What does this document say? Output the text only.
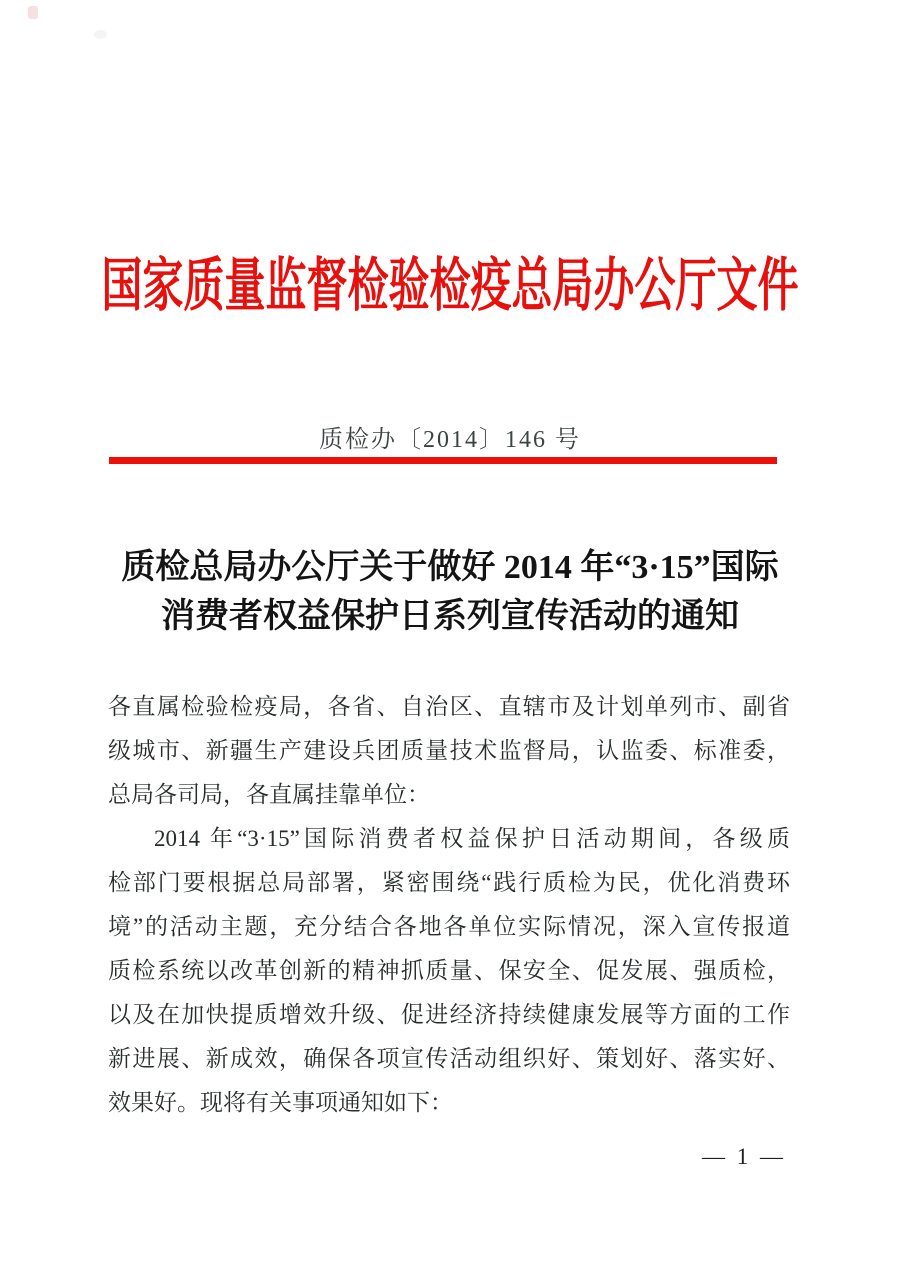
国家质量监督检验检疫总局办公厅文件
质检办〔2014〕146 号
质检总局办公厅关于做好 2014 年“3·15”国际
消费者权益保护日系列宣传活动的通知
各直属检验检疫局，各省、自治区、直辖市及计划单列市、副省
级城市、新疆生产建设兵团质量技术监督局，认监委、标准委，
总局各司局，各直属挂靠单位：
2014 年“3·15”国际消费者权益保护日活动期间，各级质
检部门要根据总局部署，紧密围绕“践行质检为民，优化消费环
境”的活动主题，充分结合各地各单位实际情况，深入宣传报道
质检系统以改革创新的精神抓质量、保安全、促发展、强质检，
以及在加快提质增效升级、促进经济持续健康发展等方面的工作
新进展、新成效，确保各项宣传活动组织好、策划好、落实好、
效果好。现将有关事项通知如下：
— 1 —
